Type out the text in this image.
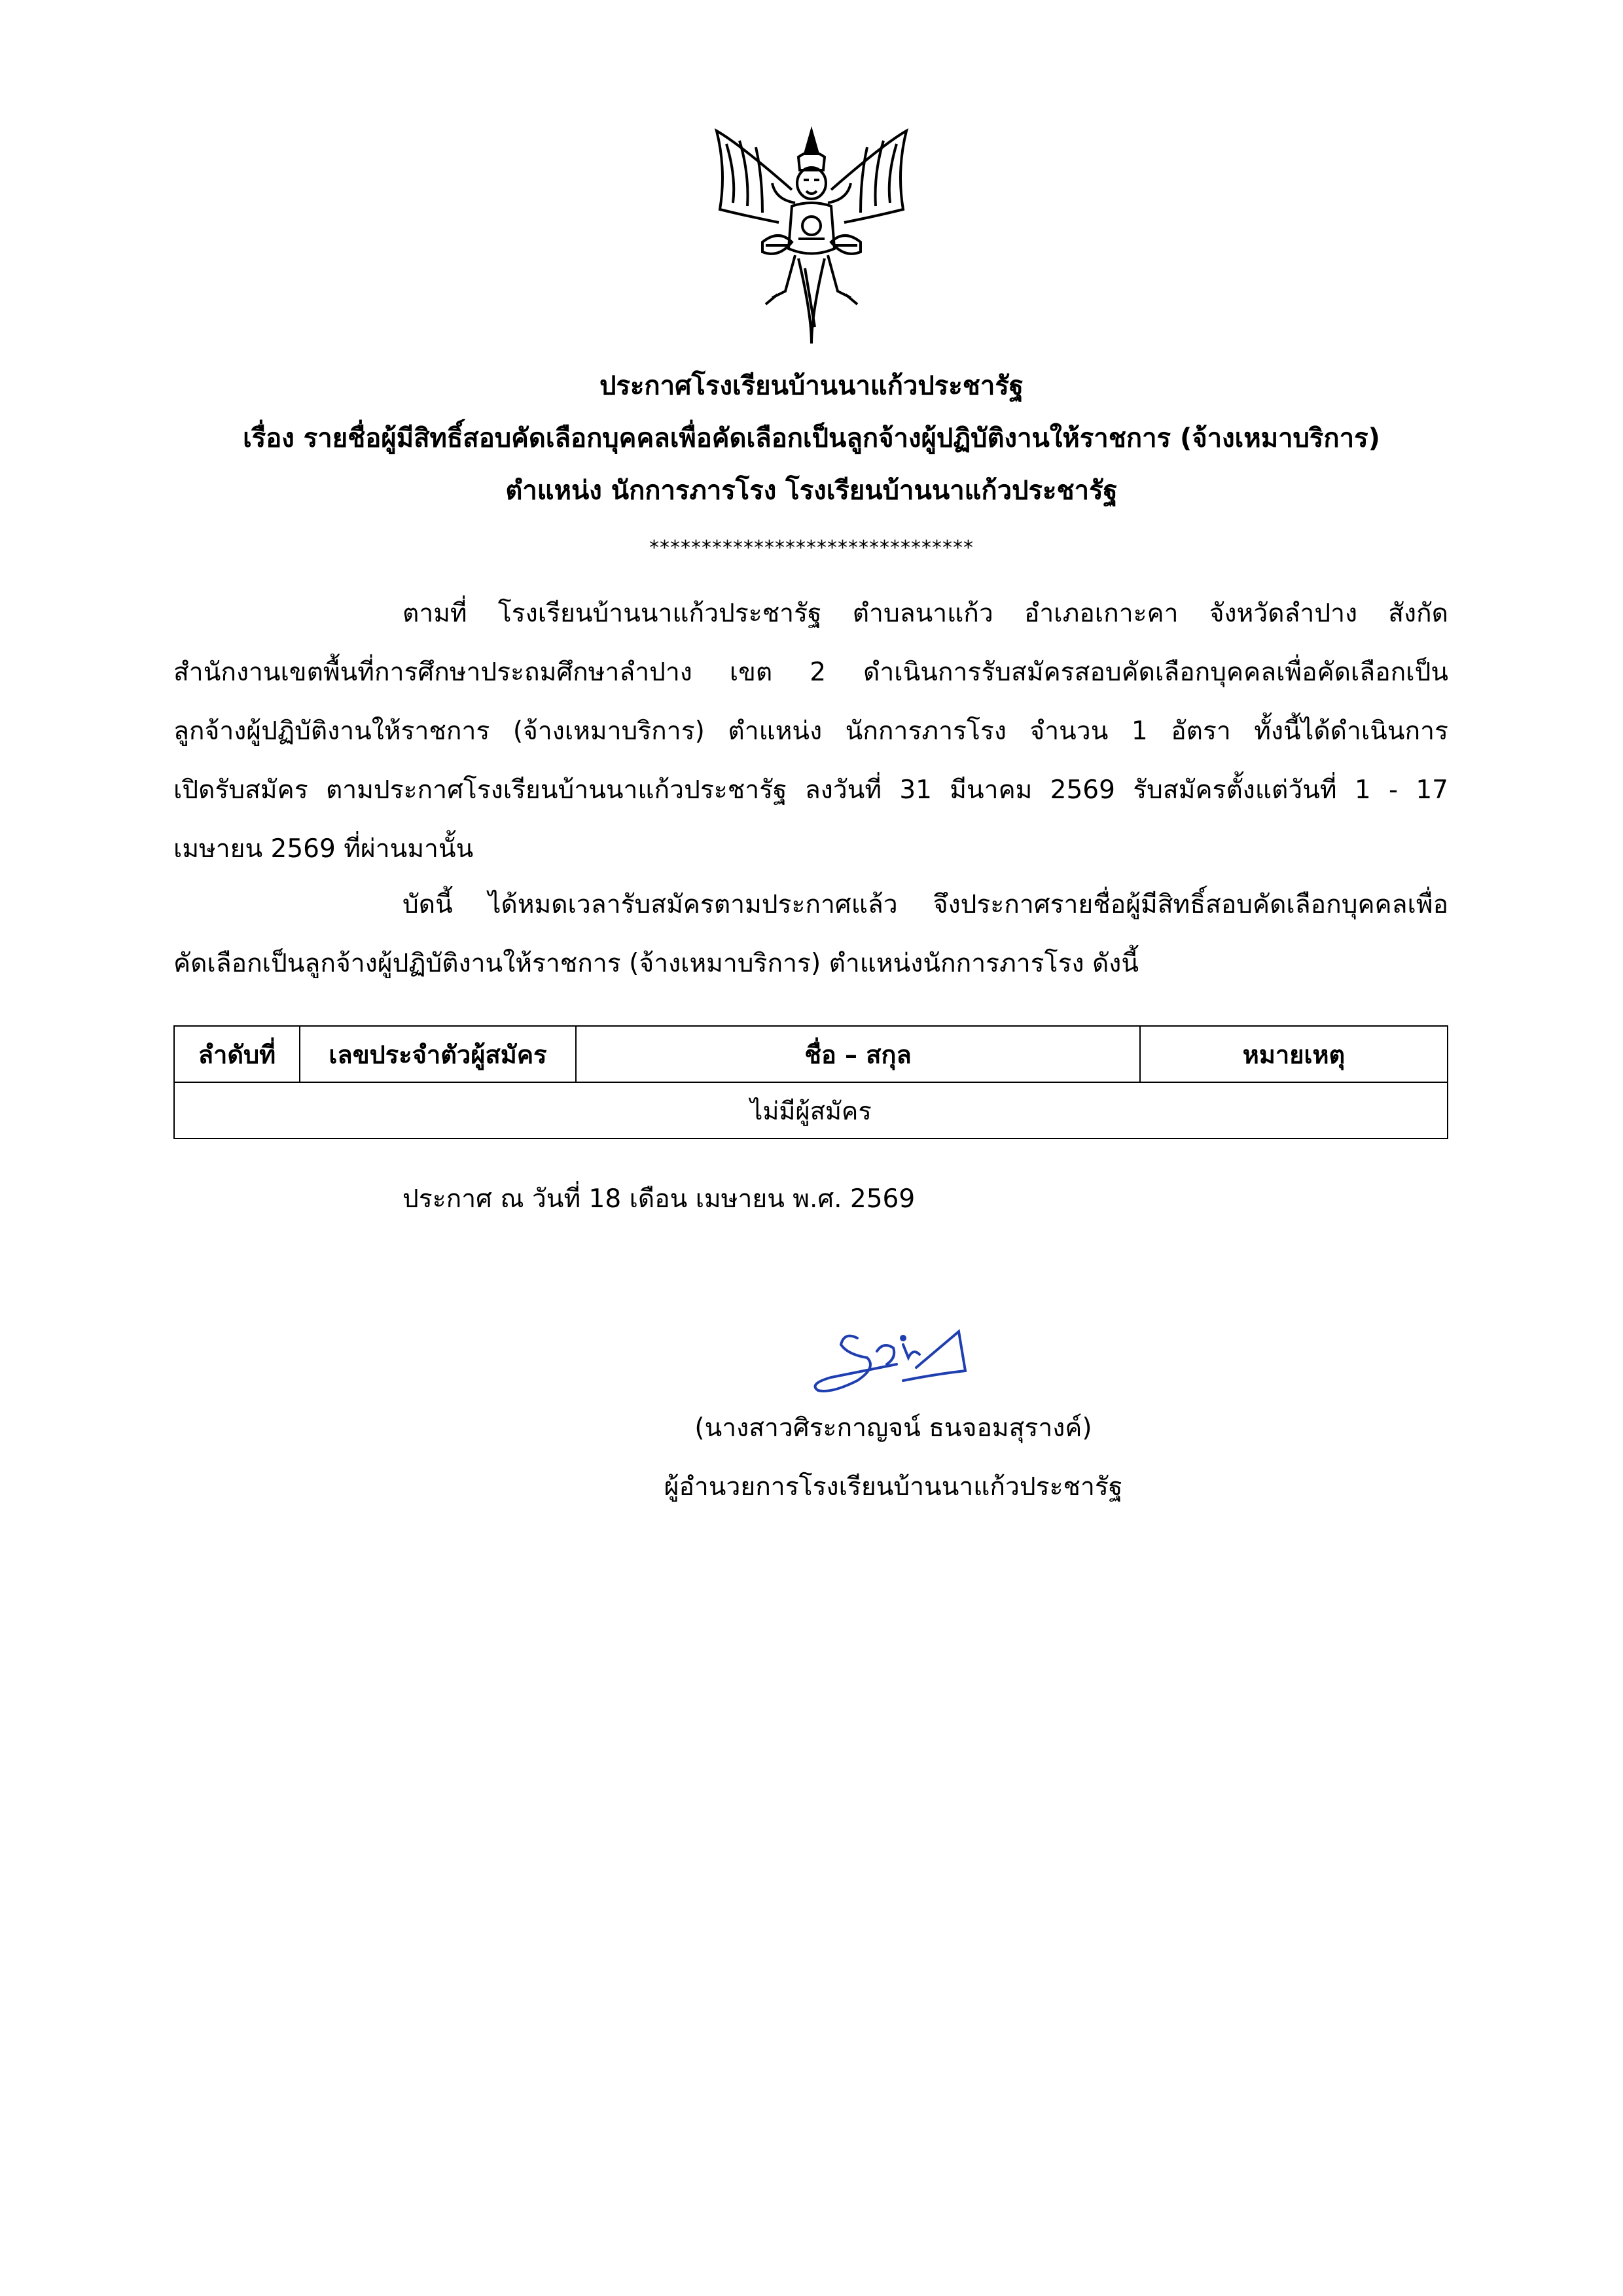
ประกาศโรงเรียนบ้านนาแก้วประชารัฐ
เรื่อง รายชื่อผู้มีสิทธิ์สอบคัดเลือกบุคคลเพื่อคัดเลือกเป็นลูกจ้างผู้ปฏิบัติงานให้ราชการ (จ้างเหมาบริการ)
ตำแหน่ง นักการภารโรง โรงเรียนบ้านนาแก้วประชารัฐ
*******************************
ตามที่ โรงเรียนบ้านนาแก้วประชารัฐ ตำบลนาแก้ว อำเภอเกาะคา จังหวัดลำปาง สังกัด
สำนักงานเขตพื้นที่การศึกษาประถมศึกษาลำปาง เขต 2 ดำเนินการรับสมัครสอบคัดเลือกบุคคลเพื่อคัดเลือกเป็น
ลูกจ้างผู้ปฏิบัติงานให้ราชการ (จ้างเหมาบริการ) ตำแหน่ง นักการภารโรง จำนวน 1 อัตรา ทั้งนี้ได้ดำเนินการ
เปิดรับสมัคร ตามประกาศโรงเรียนบ้านนาแก้วประชารัฐ ลงวันที่ 31 มีนาคม 2569 รับสมัครตั้งแต่วันที่ 1 - 17
เมษายน 2569 ที่ผ่านมานั้น
บัดนี้ ได้หมดเวลารับสมัครตามประกาศแล้ว จึงประกาศรายชื่อผู้มีสิทธิ์สอบคัดเลือกบุคคลเพื่อ
คัดเลือกเป็นลูกจ้างผู้ปฏิบัติงานให้ราชการ (จ้างเหมาบริการ) ตำแหน่งนักการภารโรง ดังนี้
ลำดับที่	เลขประจำตัวผู้สมัคร	ชื่อ – สกุล	หมายเหตุ
ไม่มีผู้สมัคร
ประกาศ ณ วันที่ 18 เดือน เมษายน พ.ศ. 2569
(นางสาวศิระกาญจน์ ธนจอมสุรางค์)
ผู้อำนวยการโรงเรียนบ้านนาแก้วประชารัฐ
